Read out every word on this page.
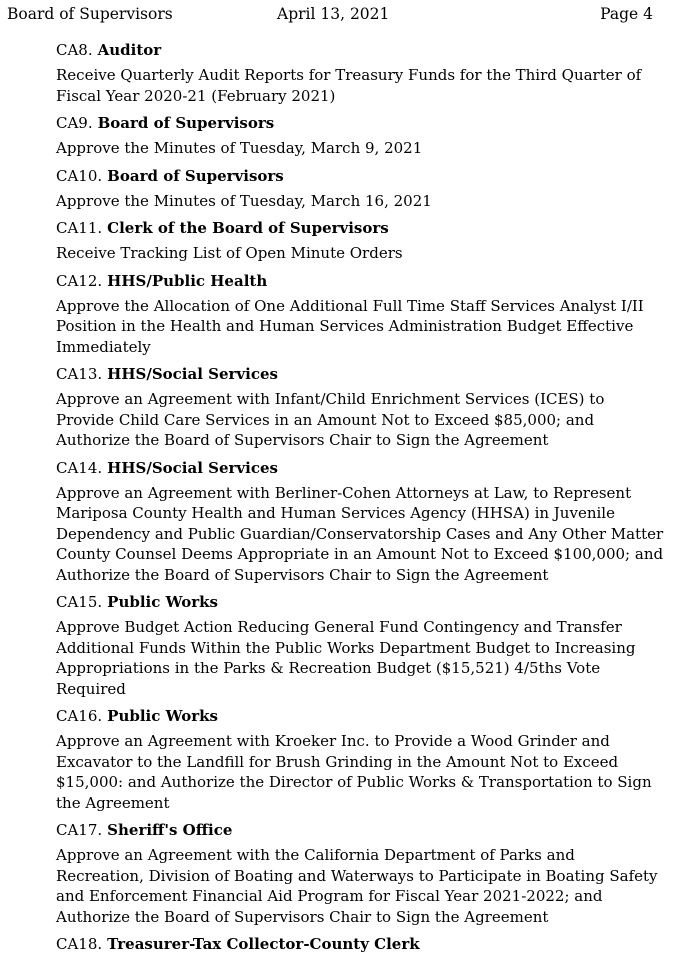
Board of Supervisors	April 13, 2021	Page 4
CA8. Auditor

Receive Quarterly Audit Reports for Treasury Funds for the Third Quarter of Fiscal Year 2020-21 (February 2021)

CA9. Board of Supervisors

Approve the Minutes of Tuesday, March 9, 2021

CA10. Board of Supervisors

Approve the Minutes of Tuesday, March 16, 2021

CA11. Clerk of the Board of Supervisors

Receive Tracking List of Open Minute Orders

CA12. HHS/Public Health

Approve the Allocation of One Additional Full Time Staff Services Analyst I/II Position in the Health and Human Services Administration Budget Effective Immediately

CA13. HHS/Social Services

Approve an Agreement with Infant/Child Enrichment Services (ICES) to Provide Child Care Services in an Amount Not to Exceed $85,000; and Authorize the Board of Supervisors Chair to Sign the Agreement

CA14. HHS/Social Services

Approve an Agreement with Berliner-Cohen Attorneys at Law, to Represent Mariposa County Health and Human Services Agency (HHSA) in Juvenile Dependency and Public Guardian/Conservatorship Cases and Any Other Matter County Counsel Deems Appropriate in an Amount Not to Exceed $100,000; and Authorize the Board of Supervisors Chair to Sign the Agreement

CA15. Public Works

Approve Budget Action Reducing General Fund Contingency and Transfer Additional Funds Within the Public Works Department Budget to Increasing Appropriations in the Parks & Recreation Budget ($15,521) 4/5ths Vote Required

CA16. Public Works

Approve an Agreement with Kroeker Inc. to Provide a Wood Grinder and Excavator to the Landfill for Brush Grinding in the Amount Not to Exceed $15,000: and Authorize the Director of Public Works & Transportation to Sign the Agreement

CA17. Sheriff's Office

Approve an Agreement with the California Department of Parks and Recreation, Division of Boating and Waterways to Participate in Boating Safety and Enforcement Financial Aid Program for Fiscal Year 2021-2022; and Authorize the Board of Supervisors Chair to Sign the Agreement

CA18. Treasurer-Tax Collector-County Clerk
